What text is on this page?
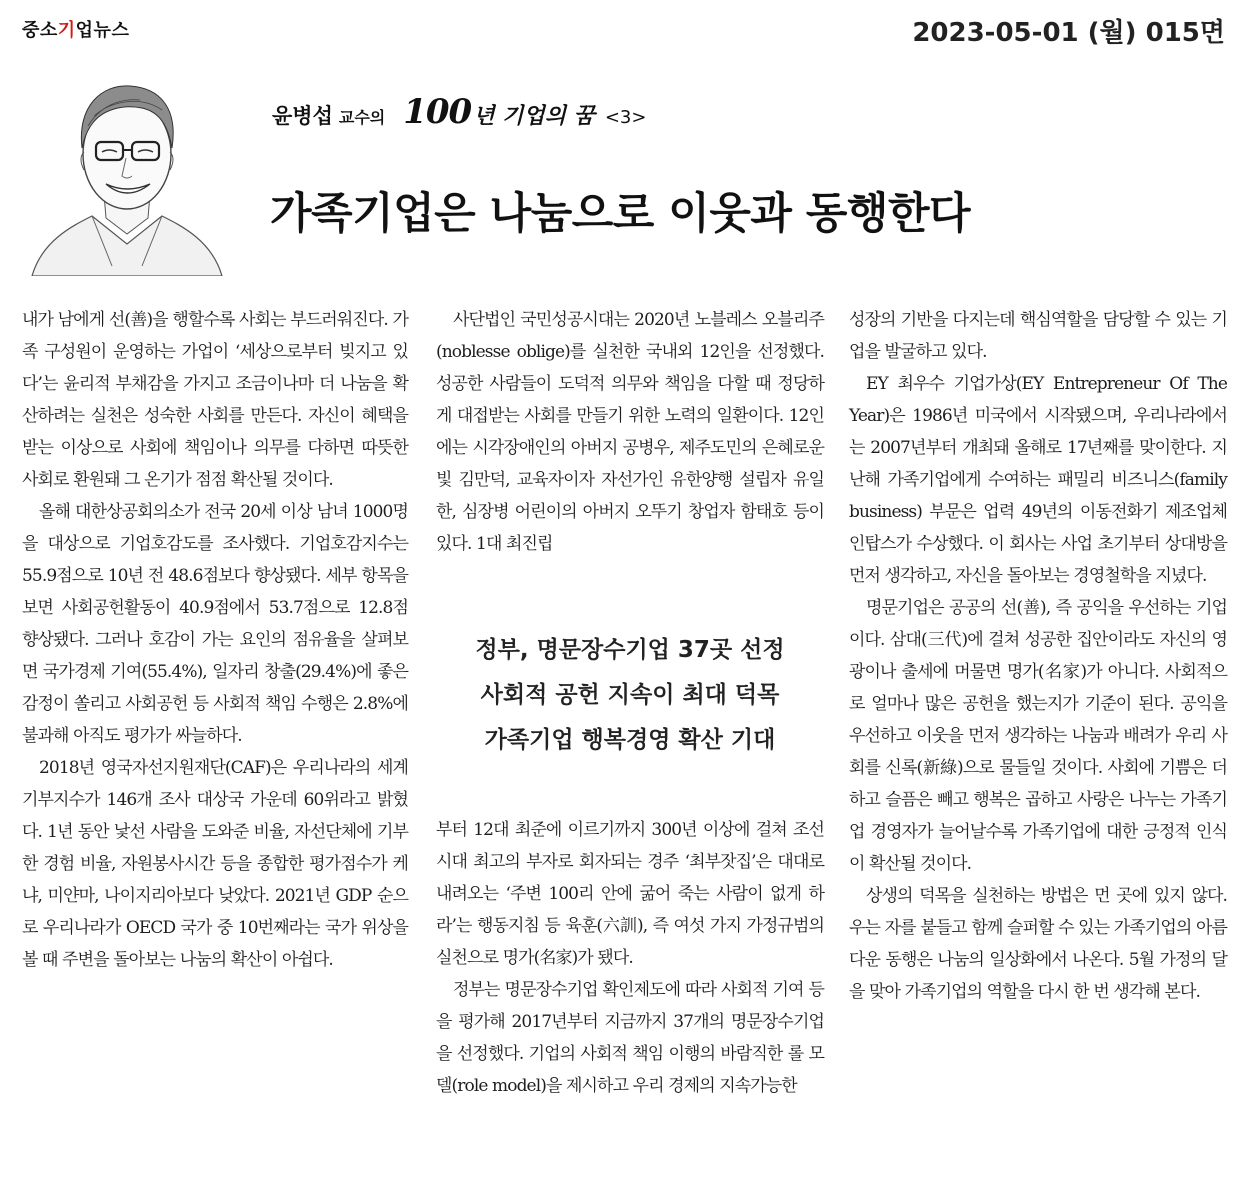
중소기업뉴스	2023-05-01 (월) 015면
윤병섭 교수의 100 년 기업의 꿈 <3>
가족기업은 나눔으로 이웃과 동행한다

내가 남에게 선(善)을 행할수록 사회는 부드러워진다. 가족 구성원이 운영하는 가업이 ‘세상으로부터 빚지고 있다’는 윤리적 부채감을 가지고 조금이나마 더 나눔을 확산하려는 실천은 성숙한 사회를 만든다. 자신이 혜택을 받는 이상으로 사회에 책임이나 의무를 다하면 따뜻한 사회로 환원돼 그 온기가 점점 확산될 것이다.

올해 대한상공회의소가 전국 20세 이상 남녀 1000명을 대상으로 기업호감도를 조사했다. 기업호감지수는 55.9점으로 10년 전 48.6점보다 향상됐다. 세부 항목을 보면 사회공헌활동이 40.9점에서 53.7점으로 12.8점 향상됐다. 그러나 호감이 가는 요인의 점유율을 살펴보면 국가경제 기여(55.4%), 일자리 창출(29.4%)에 좋은 감정이 쏠리고 사회공헌 등 사회적 책임 수행은 2.8%에 불과해 아직도 평가가 싸늘하다.

2018년 영국자선지원재단(CAF)은 우리나라의 세계기부지수가 146개 조사 대상국 가운데 60위라고 밝혔다. 1년 동안 낯선 사람을 도와준 비율, 자선단체에 기부한 경험 비율, 자원봉사시간 등을 종합한 평가점수가 케냐, 미얀마, 나이지리아보다 낮았다. 2021년 GDP 순으로 우리나라가 OECD 국가 중 10번째라는 국가 위상을 볼 때 주변을 돌아보는 나눔의 확산이 아쉽다.

사단법인 국민성공시대는 2020년 노블레스 오블리주(noblesse oblige)를 실천한 국내외 12인을 선정했다. 성공한 사람들이 도덕적 의무와 책임을 다할 때 정당하게 대접받는 사회를 만들기 위한 노력의 일환이다. 12인에는 시각장애인의 아버지 공병우, 제주도민의 은혜로운 빛 김만덕, 교육자이자 자선가인 유한양행 설립자 유일한, 심장병 어린이의 아버지 오뚜기 창업자 함태호 등이 있다. 1대 최진립

정부, 명문장수기업 37곳 선정
사회적 공헌 지속이 최대 덕목
가족기업 행복경영 확산 기대

부터 12대 최준에 이르기까지 300년 이상에 걸쳐 조선시대 최고의 부자로 회자되는 경주 ‘최부잣집’은 대대로 내려오는 ‘주변 100리 안에 굶어 죽는 사람이 없게 하라’는 행동지침 등 육훈(六訓), 즉 여섯 가지 가정규범의 실천으로 명가(名家)가 됐다.

정부는 명문장수기업 확인제도에 따라 사회적 기여 등을 평가해 2017년부터 지금까지 37개의 명문장수기업을 선정했다. 기업의 사회적 책임 이행의 바람직한 롤 모델(role model)을 제시하고 우리 경제의 지속가능한

성장의 기반을 다지는데 핵심역할을 담당할 수 있는 기업을 발굴하고 있다.

EY 최우수 기업가상(EY Entrepreneur Of The Year)은 1986년 미국에서 시작됐으며, 우리나라에서는 2007년부터 개최돼 올해로 17년째를 맞이한다. 지난해 가족기업에게 수여하는 패밀리 비즈니스(family business) 부문은 업력 49년의 이동전화기 제조업체 인탑스가 수상했다. 이 회사는 사업 초기부터 상대방을 먼저 생각하고, 자신을 돌아보는 경영철학을 지녔다.

명문기업은 공공의 선(善), 즉 공익을 우선하는 기업이다. 삼대(三代)에 걸쳐 성공한 집안이라도 자신의 영광이나 출세에 머물면 명가(名家)가 아니다. 사회적으로 얼마나 많은 공헌을 했는지가 기준이 된다. 공익을 우선하고 이웃을 먼저 생각하는 나눔과 배려가 우리 사회를 신록(新綠)으로 물들일 것이다. 사회에 기쁨은 더하고 슬픔은 빼고 행복은 곱하고 사랑은 나누는 가족기업 경영자가 늘어날수록 가족기업에 대한 긍정적 인식이 확산될 것이다.

상생의 덕목을 실천하는 방법은 먼 곳에 있지 않다. 우는 자를 붙들고 함께 슬퍼할 수 있는 가족기업의 아름다운 동행은 나눔의 일상화에서 나온다. 5월 가정의 달을 맞아 가족기업의 역할을 다시 한 번 생각해 본다.
